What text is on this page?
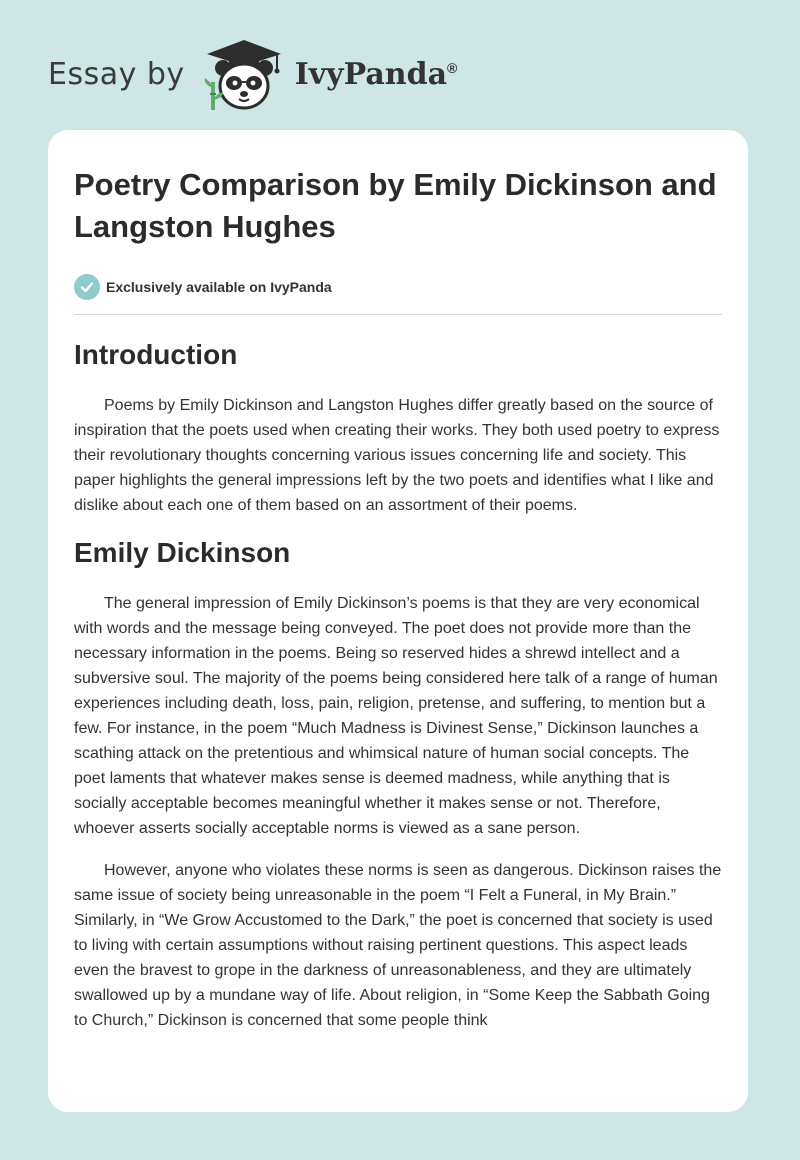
Essay by	IvyPanda®
Poetry Comparison by Emily Dickinson and Langston Hughes
Exclusively available on IvyPanda
Introduction

Poems by Emily Dickinson and Langston Hughes differ greatly based on the source of inspiration that the poets used when creating their works. They both used poetry to express their revolutionary thoughts concerning various issues concerning life and society. This paper highlights the general impressions left by the two poets and identifies what I like and dislike about each one of them based on an assortment of their poems.

Emily Dickinson

The general impression of Emily Dickinson’s poems is that they are very economical with words and the message being conveyed. The poet does not provide more than the necessary information in the poems. Being so reserved hides a shrewd intellect and a subversive soul. The majority of the poems being considered here talk of a range of human experiences including death, loss, pain, religion, pretense, and suffering, to mention but a few. For instance, in the poem “Much Madness is Divinest Sense,” Dickinson launches a scathing attack on the pretentious and whimsical nature of human social concepts. The poet laments that whatever makes sense is deemed madness, while anything that is socially acceptable becomes meaningful whether it makes sense or not. Therefore, whoever asserts socially acceptable norms is viewed as a sane person.

However, anyone who violates these norms is seen as dangerous. Dickinson raises the same issue of society being unreasonable in the poem “I Felt a Funeral, in My Brain.” Similarly, in “We Grow Accustomed to the Dark,” the poet is concerned that society is used to living with certain assumptions without raising pertinent questions. This aspect leads even the bravest to grope in the darkness of unreasonableness, and they are ultimately swallowed up by a mundane way of life. About religion, in “Some Keep the Sabbath Going to Church,” Dickinson is concerned that some people think
